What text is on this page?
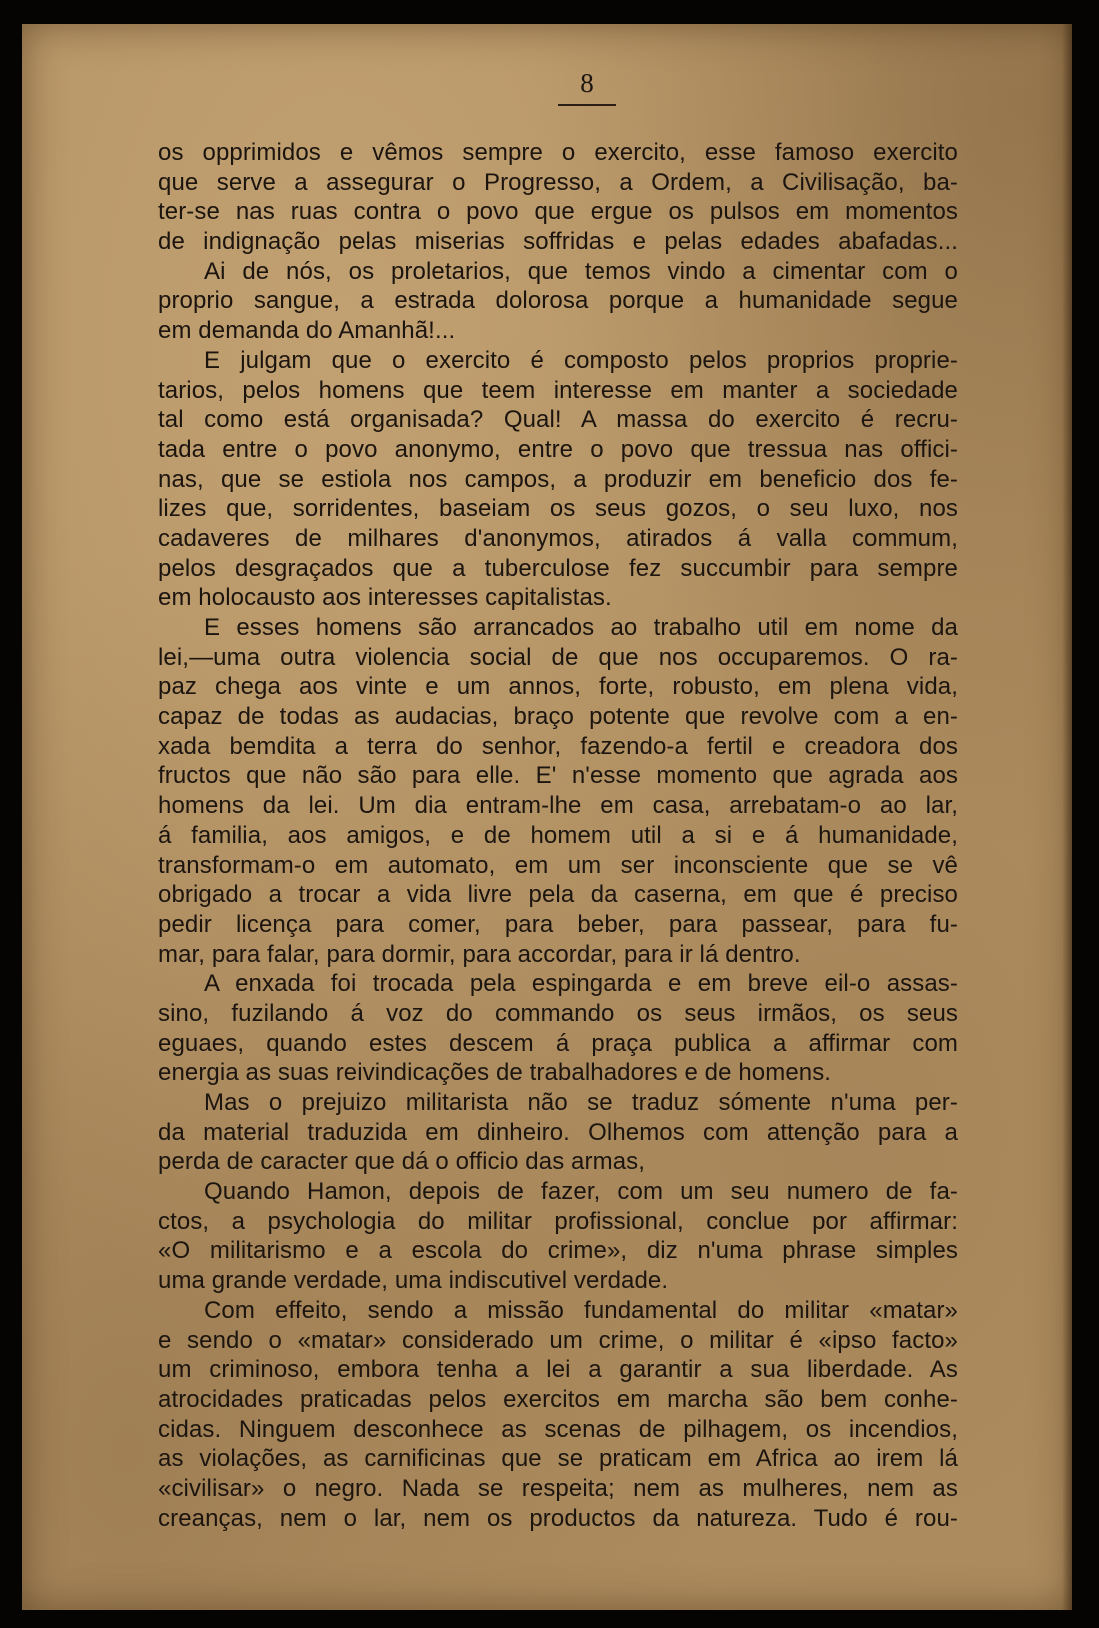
8
os opprimidos e vêmos sempre o exercito, esse famoso exercito
que serve a assegurar o Progresso, a Ordem, a Civilisação, ba-
ter-se nas ruas contra o povo que ergue os pulsos em momentos
de indignação pelas miserias soffridas e pelas edades abafadas...
Ai de nós, os proletarios, que temos vindo a cimentar com o
proprio sangue, a estrada dolorosa porque a humanidade segue
em demanda do Amanhã!...
E julgam que o exercito é composto pelos proprios proprie-
tarios, pelos homens que teem interesse em manter a sociedade
tal como está organisada? Qual! A massa do exercito é recru-
tada entre o povo anonymo, entre o povo que tressua nas offici-
nas, que se estiola nos campos, a produzir em beneficio dos fe-
lizes que, sorridentes, baseiam os seus gozos, o seu luxo, nos
cadaveres de milhares d'anonymos, atirados á valla commum,
pelos desgraçados que a tuberculose fez succumbir para sempre
em holocausto aos interesses capitalistas.
E esses homens são arrancados ao trabalho util em nome da
lei,—uma outra violencia social de que nos occuparemos. O ra-
paz chega aos vinte e um annos, forte, robusto, em plena vida,
capaz de todas as audacias, braço potente que revolve com a en-
xada bemdita a terra do senhor, fazendo-a fertil e creadora dos
fructos que não são para elle. E' n'esse momento que agrada aos
homens da lei. Um dia entram-lhe em casa, arrebatam-o ao lar,
á familia, aos amigos, e de homem util a si e á humanidade,
transformam-o em automato, em um ser inconsciente que se vê
obrigado a trocar a vida livre pela da caserna, em que é preciso
pedir licença para comer, para beber, para passear, para fu-
mar, para falar, para dormir, para accordar, para ir lá dentro.
A enxada foi trocada pela espingarda e em breve eil-o assas-
sino, fuzilando á voz do commando os seus irmãos, os seus
eguaes, quando estes descem á praça publica a affirmar com
energia as suas reivindicações de trabalhadores e de homens.
Mas o prejuizo militarista não se traduz sómente n'uma per-
da material traduzida em dinheiro. Olhemos com attenção para a
perda de caracter que dá o officio das armas,
Quando Hamon, depois de fazer, com um seu numero de fa-
ctos, a psychologia do militar profissional, conclue por affirmar:
«O militarismo e a escola do crime», diz n'uma phrase simples
uma grande verdade, uma indiscutivel verdade.
Com effeito, sendo a missão fundamental do militar «matar»
e sendo o «matar» considerado um crime, o militar é «ipso facto»
um criminoso, embora tenha a lei a garantir a sua liberdade. As
atrocidades praticadas pelos exercitos em marcha são bem conhe-
cidas. Ninguem desconhece as scenas de pilhagem, os incendios,
as violações, as carnificinas que se praticam em Africa ao irem lá
«civilisar» o negro. Nada se respeita; nem as mulheres, nem as
creanças, nem o lar, nem os productos da natureza. Tudo é rou-
